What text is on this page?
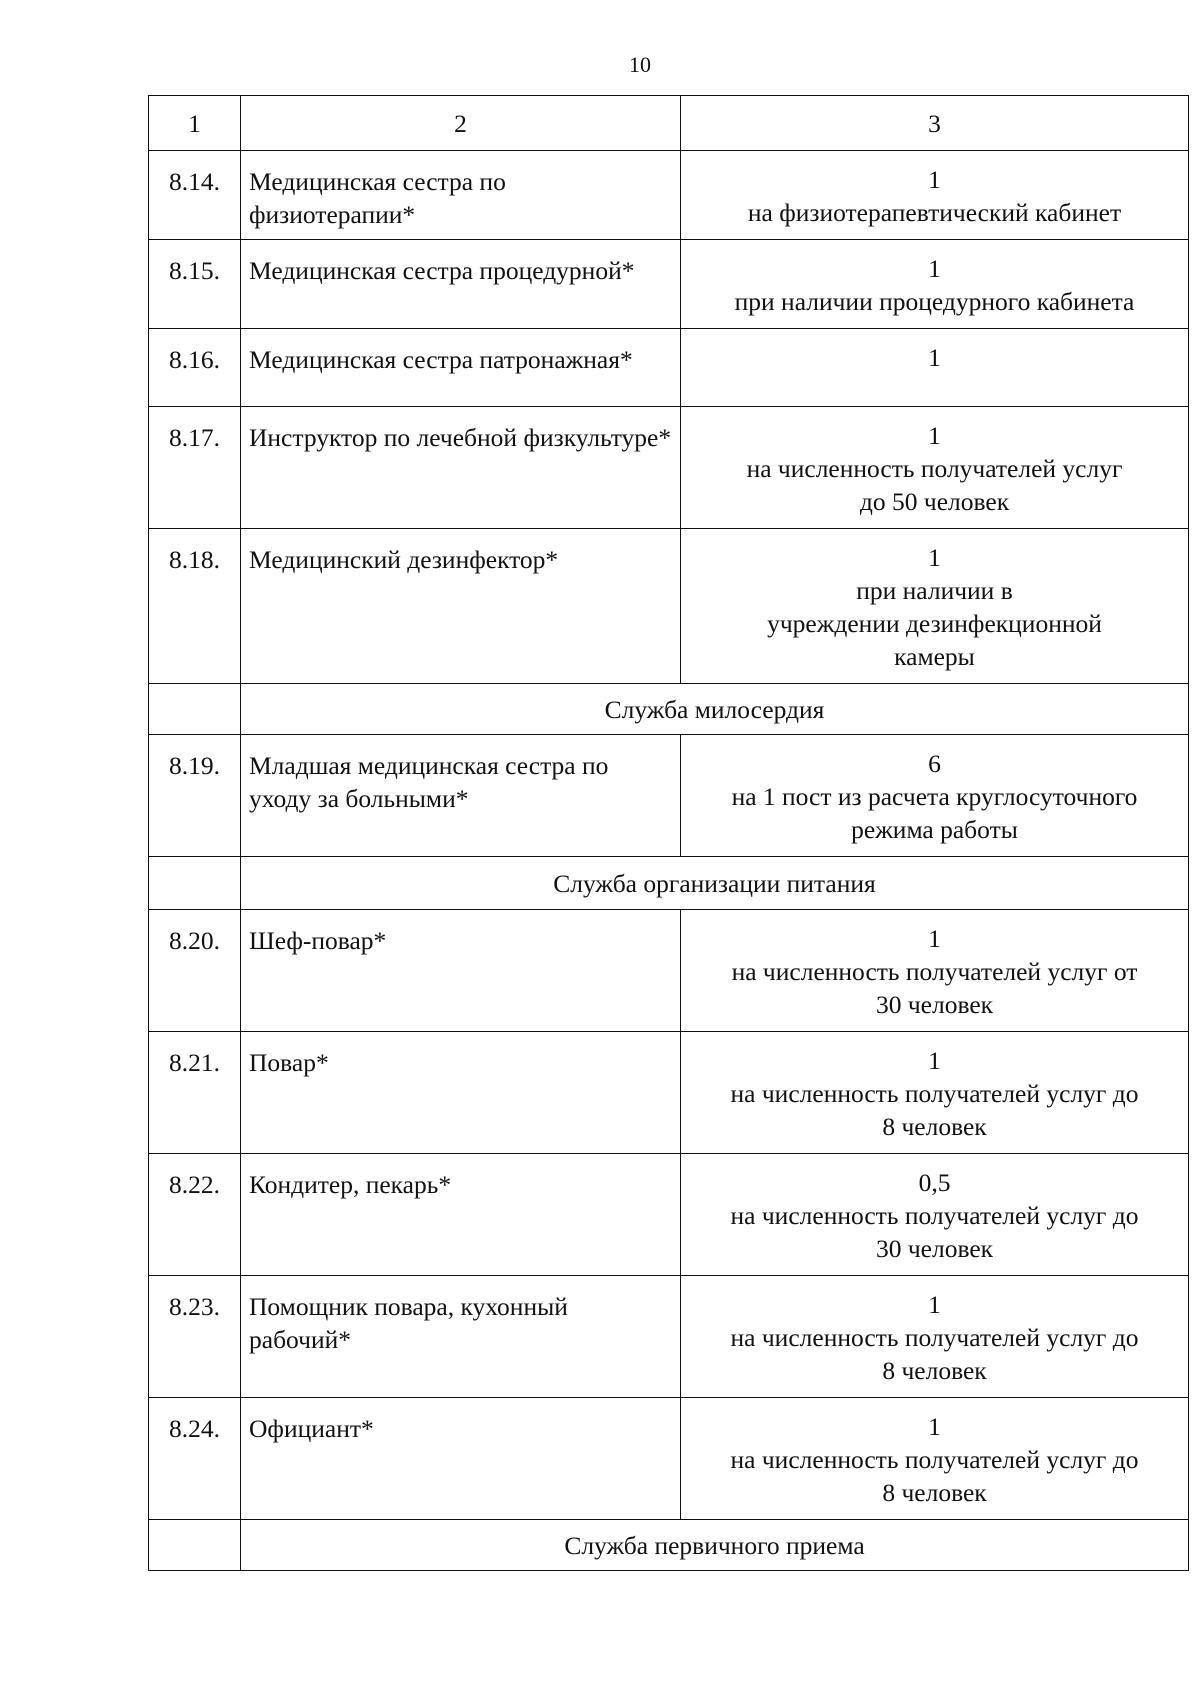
10
1	2	3
8.14.	Медицинская сестра по физиотерапии*	1
на физиотерапевтический кабинет

8.15.	Медицинская сестра процедурной*	1
при наличии процедурного кабинета

8.16.	Медицинская сестра патронажная*	1

8.17.	Инструктор по лечебной физкультуре*	1
на численность получателей услуг
до 50 человек

8.18.	Медицинский дезинфектор*	1
при наличии в
учреждении дезинфекционной
камеры

	Служба милосердия	
8.19.	Младшая медицинская сестра по уходу за больными*	6
на 1 пост из расчета круглосуточного
режима работы

	Служба организации питания	
8.20.	Шеф-повар*	1
на численность получателей услуг от
30 человек

8.21.	Повар*	1
на численность получателей услуг до
8 человек

8.22.	Кондитер, пекарь*	0,5
на численность получателей услуг до
30 человек

8.23.	Помощник повара, кухонный рабочий*	1
на численность получателей услуг до
8 человек

8.24.	Официант*	1
на численность получателей услуг до
8 человек

	Служба первичного приема	
